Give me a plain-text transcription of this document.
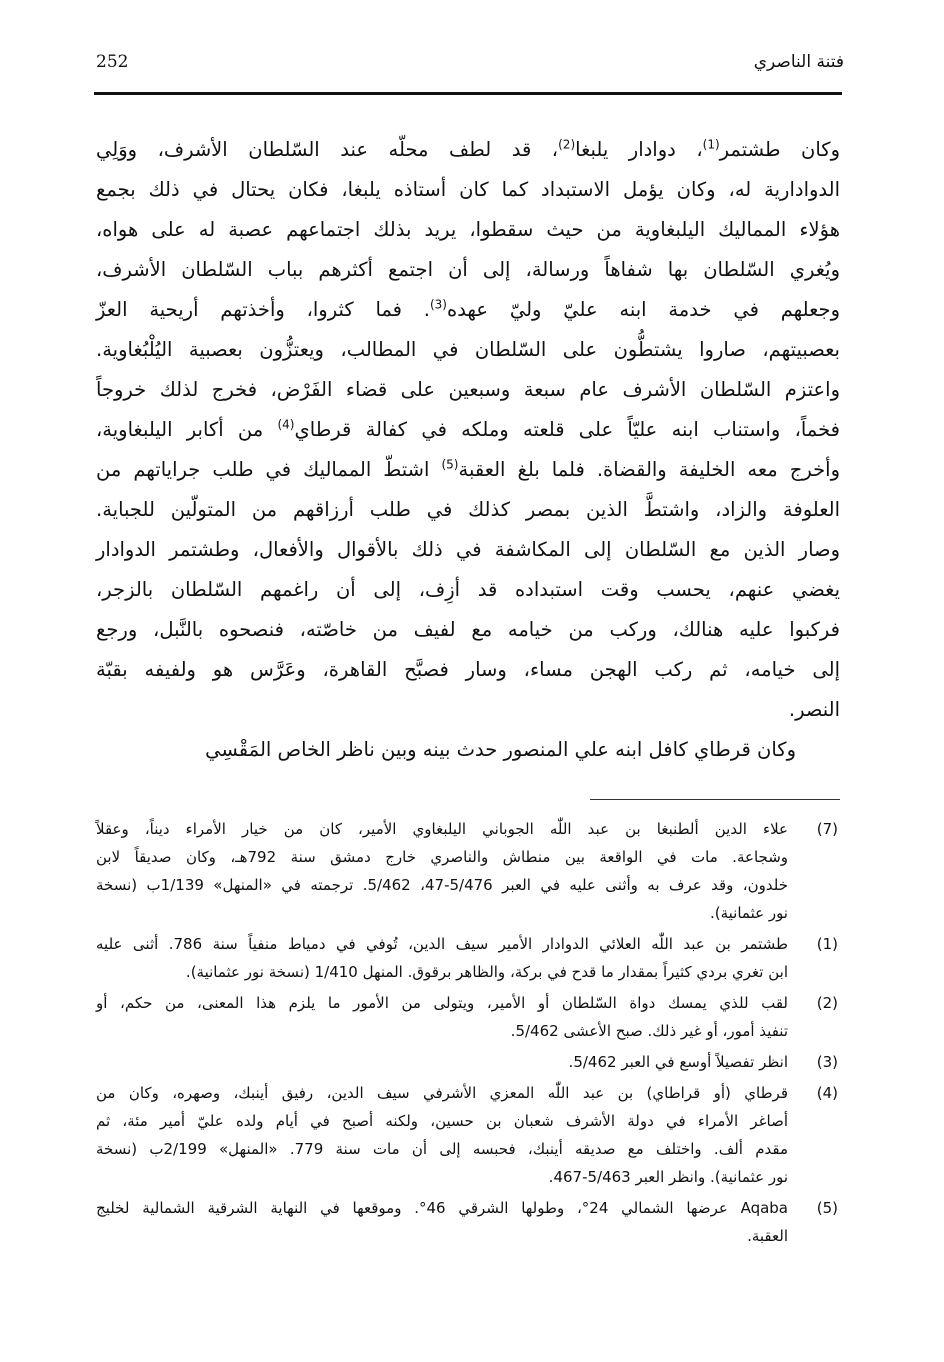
252	فتنة الناصري
وكان طشتمر$^{(1)}$، دوادار يلبغا$^{(2)}$، قد لطف محلّه عند السّلطان الأشرف، ووَلِي
الدوادارية له، وكان يؤمل الاستبداد كما كان أستاذه يلبغا، فكان يحتال في ذلك بجمع
هؤلاء المماليك اليلبغاوية من حيث سقطوا، يريد بذلك اجتماعهم عصبة له على هواه،
ويُغري السّلطان بها شفاهاً ورسالة، إلى أن اجتمع أكثرهم بباب السّلطان الأشرف،
وجعلهم في خدمة ابنه عليّ وليّ عهده$^{(3)}$. فما كثروا، وأخذتهم أريحية العزّ
بعصبيتهم، صاروا يشتطُّون على السّلطان في المطالب، ويعتزُّون بعصبية اليُلْبُغاوية.
واعتزم السّلطان الأشرف عام سبعة وسبعين على قضاء الفَرْض، فخرج لذلك خروجاً
فخماً، واستناب ابنه عليّاً على قلعته وملكه في كفالة قرطاي$^{(4)}$ من أكابر اليلبغاوية،
وأخرج معه الخليفة والقضاة. فلما بلغ العقبة$^{(5)}$ اشتطّ المماليك في طلب جراياتهم من
العلوفة والزاد، واشتطَّ الذين بمصر كذلك في طلب أرزاقهم من المتولّين للجباية.
وصار الذين مع السّلطان إلى المكاشفة في ذلك بالأقوال والأفعال، وطشتمر الدوادار
يغضي عنهم، يحسب وقت استبداده قد أزِف، إلى أن راغمهم السّلطان بالزجر،
فركبوا عليه هنالك، وركب من خيامه مع لفيف من خاصّته، فنصحوه بالنَّبل، ورجع
إلى خيامه، ثم ركب الهجن مساء، وسار فصبَّح القاهرة، وعَرَّس هو ولفيفه بقبّة
النصر.
وكان قرطاي كافل ابنه علي المنصور حدث بينه وبين ناظر الخاص المَقْسِي
(7)
علاء الدين ألطنبغا بن عبد اللّٰه الجوباني اليلبغاوي الأمير، كان من خيار الأمراء ديناً، وعقلاً
وشجاعة. مات في الواقعة بين منطاش والناصري خارج دمشق سنة 792هـ، وكان صديقاً لابن
خلدون، وقد عرف به وأثنى عليه في العبر 5/476-47، 5/462. ترجمته في «المنهل» 1/139ب (نسخة
نور عثمانية).
(1)
طشتمر بن عبد اللّٰه العلائي الدوادار الأمير سيف الدين، تُوفي في دمياط منفياً سنة 786. أثنى عليه
ابن تغري بردي كثيراً بمقدار ما قدح في بركة، والظاهر برقوق. المنهل 1/410 (نسخة نور عثمانية).
(2)
لقب للذي يمسك دواة السّلطان أو الأمير، ويتولى من الأمور ما يلزم هذا المعنى، من حكم، أو
تنفيذ أمور، أو غير ذلك. صبح الأعشى 5/462.
(3)
انظر تفصيلاً أوسع في العبر 5/462.
(4)
قرطاي (أو قراطاي) بن عبد اللّٰه المعزي الأشرفي سيف الدين، رفيق أينبك، وصهره، وكان من
أصاغر الأمراء في دولة الأشرف شعبان بن حسين، ولكنه أصبح في أيام ولده عليّ أمير مئة، ثم
مقدم ألف. واختلف مع صديقه أينبك، فحبسه إلى أن مات سنة 779. «المنهل» 2/199ب (نسخة
نور عثمانية). وانظر العبر 5/463-467.
(5)
Aqaba عرضها الشمالي 24°، وطولها الشرقي 46°. وموقعها في النهاية الشرقية الشمالية لخليج
العقبة.
